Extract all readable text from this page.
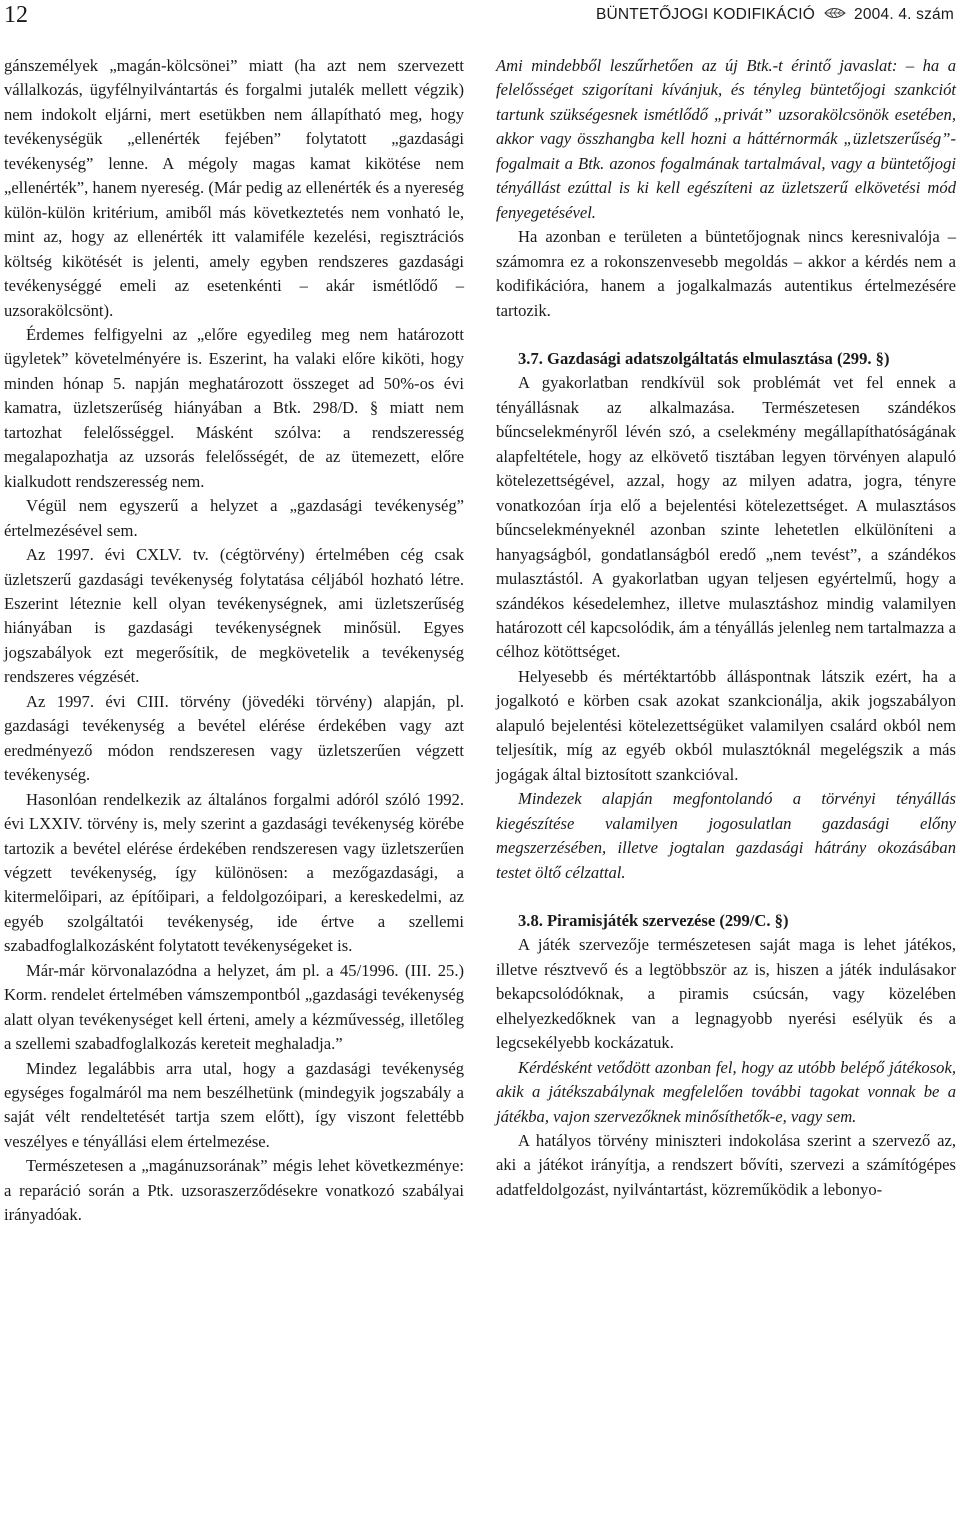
12	BÜNTETŐJOGI KODIFIKÁCIÓ	2004. 4. szám

gánszemélyek „magán-kölcsönei” miatt (ha azt nem szervezett vállalkozás, ügyfélnyilvántartás és forgalmi jutalék mellett végzik) nem indokolt eljárni, mert esetükben nem állapítható meg, hogy tevékenységük „ellenérték fejében” folytatott „gazdasági tevékenység” lenne. A mégoly magas kamat kikötése nem „ellenérték”, hanem nyereség. (Már pedig az ellenérték és a nyereség külön-külön kritérium, amiből más következtetés nem vonható le, mint az, hogy az ellenérték itt valamiféle kezelési, regisztrációs költség kikötését is jelenti, amely egyben rendszeres gazdasági tevékenységgé emeli az esetenkénti – akár ismétlődő – uzsorakölcsönt).

Érdemes felfigyelni az „előre egyedileg meg nem határozott ügyletek” követelményére is. Eszerint, ha valaki előre kiköti, hogy minden hónap 5. napján meghatározott összeget ad 50%-os évi kamatra, üzletszerűség hiányában a Btk. 298/D. § miatt nem tartozhat felelősséggel. Másként szólva: a rendszeresség megalapozhatja az uzsorás felelősségét, de az ütemezett, előre kialkudott rendszeresség nem.

Végül nem egyszerű a helyzet a „gazdasági tevékenység” értelmezésével sem.

Az 1997. évi CXLV. tv. (cégtörvény) értelmében cég csak üzletszerű gazdasági tevékenység folytatása céljából hozható létre. Eszerint léteznie kell olyan tevékenységnek, ami üzletszerűség hiányában is gazdasági tevékenységnek minősül. Egyes jogszabályok ezt megerősítik, de megkövetelik a tevékenység rendszeres végzését.

Az 1997. évi CIII. törvény (jövedéki törvény) alapján, pl. gazdasági tevékenység a bevétel elérése érdekében vagy azt eredményező módon rendszeresen vagy üzletszerűen végzett tevékenység.

Hasonlóan rendelkezik az általános forgalmi adóról szóló 1992. évi LXXIV. törvény is, mely szerint a gazdasági tevékenység körébe tartozik a bevétel elérése érdekében rendszeresen vagy üzletszerűen végzett tevékenység, így különösen: a mezőgazdasági, a kitermelőipari, az építőipari, a feldolgozóipari, a kereskedelmi, az egyéb szolgáltatói tevékenység, ide értve a szellemi szabadfoglalkozásként folytatott tevékenységeket is.

Már-már körvonalazódna a helyzet, ám pl. a 45/1996. (III. 25.) Korm. rendelet értelmében vámszempontból „gazdasági tevékenység alatt olyan tevékenységet kell érteni, amely a kézművesség, illetőleg a szellemi szabadfoglalkozás kereteit meghaladja.”

Mindez legalábbis arra utal, hogy a gazdasági tevékenység egységes fogalmáról ma nem beszélhetünk (mindegyik jogszabály a saját vélt rendeltetését tartja szem előtt), így viszont felettébb veszélyes e tényállási elem értelmezése.

Természetesen a „magánuzsorának” mégis lehet következménye: a reparáció során a Ptk. uzsoraszerződésekre vonatkozó szabályai irányadóak.

Ami mindebből leszűrhetően az új Btk.-t érintő javaslat: – ha a felelősséget szigorítani kívánjuk, és tényleg büntetőjogi szankciót tartunk szükségesnek ismétlődő „privát” uzsorakölcsönök esetében, akkor vagy összhangba kell hozni a háttérnormák „üzletszerűség”-fogalmait a Btk. azonos fogalmának tartalmával, vagy a büntetőjogi tényállást ezúttal is ki kell egészíteni az üzletszerű elkövetési mód fenyegetésével.

Ha azonban e területen a büntetőjognak nincs keresnivalója – számomra ez a rokonszenvesebb megoldás – akkor a kérdés nem a kodifikációra, hanem a jogalkalmazás autentikus értelmezésére tartozik.

3.7. Gazdasági adatszolgáltatás elmulasztása (299. §)

A gyakorlatban rendkívül sok problémát vet fel ennek a tényállásnak az alkalmazása. Természetesen szándékos bűncselekményről lévén szó, a cselekmény megállapíthatóságának alapfeltétele, hogy az elkövető tisztában legyen törvényen alapuló kötelezettségével, azzal, hogy az milyen adatra, jogra, tényre vonatkozóan írja elő a bejelentési kötelezettséget. A mulasztásos bűncselekményeknél azonban szinte lehetetlen elkülöníteni a hanyagságból, gondatlanságból eredő „nem tevést”, a szándékos mulasztástól. A gyakorlatban ugyan teljesen egyértelmű, hogy a szándékos késedelemhez, illetve mulasztáshoz mindig valamilyen határozott cél kapcsolódik, ám a tényállás jelenleg nem tartalmazza a célhoz kötöttséget.

Helyesebb és mértéktartóbb álláspontnak látszik ezért, ha a jogalkotó e körben csak azokat szankcionálja, akik jogszabályon alapuló bejelentési kötelezettségüket valamilyen csalárd okból nem teljesítik, míg az egyéb okból mulasztóknál megelégszik a más jogágak által biztosított szankcióval.

Mindezek alapján megfontolandó a törvényi tényállás kiegészítése valamilyen jogosulatlan gazdasági előny megszerzésében, illetve jogtalan gazdasági hátrány okozásában testet öltő célzattal.

3.8. Piramisjáték szervezése (299/C. §)

A játék szervezője természetesen saját maga is lehet játékos, illetve résztvevő és a legtöbbször az is, hiszen a játék indulásakor bekapcsolódóknak, a piramis csúcsán, vagy közelében elhelyezkedőknek van a legnagyobb nyerési esélyük és a legcsekélyebb kockázatuk.

Kérdésként vetődött azonban fel, hogy az utóbb belépő játékosok, akik a játékszabálynak megfelelően további tagokat vonnak be a játékba, vajon szervezőknek minősíthetők-e, vagy sem.

A hatályos törvény miniszteri indokolása szerint a szervező az, aki a játékot irányítja, a rendszert bővíti, szervezi a számítógépes adatfeldolgozást, nyilvántartást, közreműködik a lebonyo-
